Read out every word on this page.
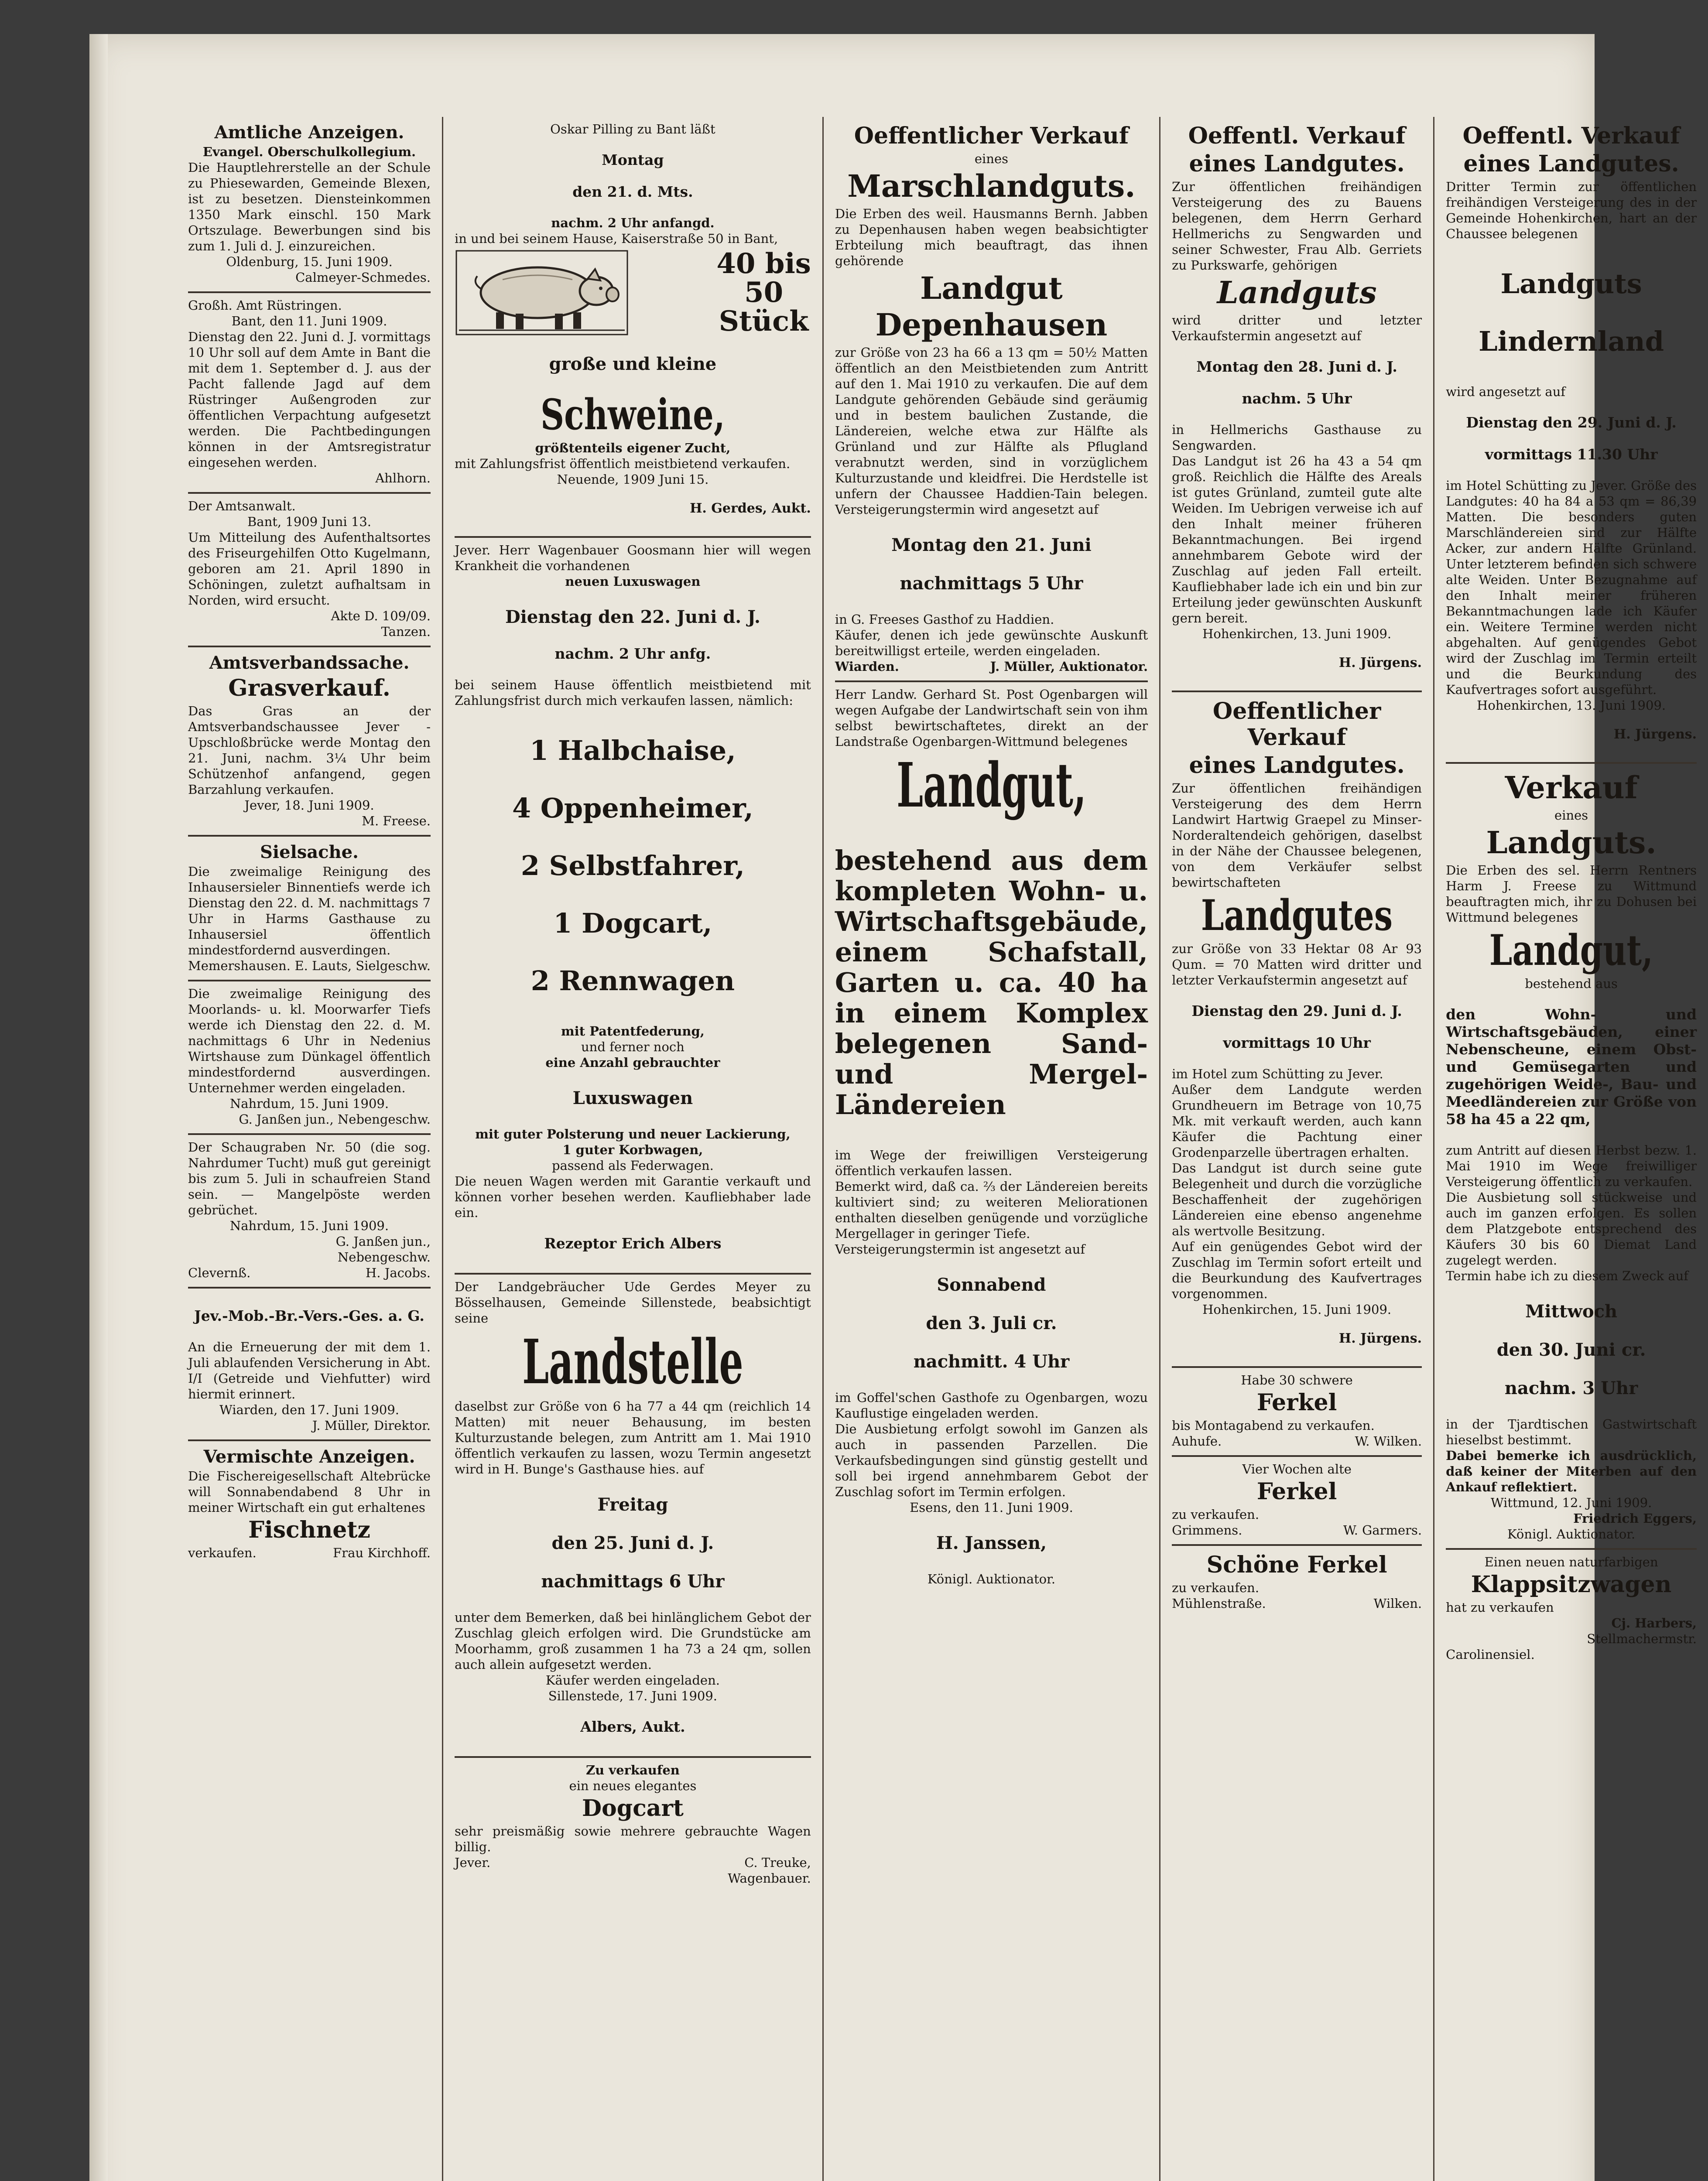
Amtliche Anzeigen.

Evangel. Oberschulkollegium.

Die Hauptlehrerstelle an der Schule zu Phiesewarden, Gemeinde Blexen, ist zu besetzen. Diensteinkommen 1350 Mark einschl. 150 Mark Ortszulage. Bewerbungen sind bis zum 1. Juli d. J. einzureichen.

Oldenburg, 15. Juni 1909.

Calmeyer-Schmedes.

Großh. Amt Rüstringen.

Bant, den 11. Juni 1909.

Dienstag den 22. Juni d. J. vormittags 10 Uhr soll auf dem Amte in Bant die mit dem 1. September d. J. aus der Pacht fallende Jagd auf dem Rüstringer Außengroden zur öffentlichen Verpachtung aufgesetzt werden. Die Pachtbedingungen können in der Amtsregistratur eingesehen werden.

Ahlhorn.

Der Amtsanwalt.

Bant, 1909 Juni 13.

Um Mitteilung des Aufenthaltsortes des Friseurgehilfen Otto Kugelmann, geboren am 21. April 1890 in Schöningen, zuletzt aufhaltsam in Norden, wird ersucht.

Akte D. 109/09.

Tanzen.

Amtsverbandssache.

Grasverkauf.

Das Gras an der Amtsverbandschaussee Jever - Upschloßbrücke werde Montag den 21. Juni, nachm. 3¼ Uhr beim Schützenhof anfangend, gegen Barzahlung verkaufen.

Jever, 18. Juni 1909.

M. Freese.

Sielsache.

Die zweimalige Reinigung des Inhausersieler Binnentiefs werde ich Dienstag den 22. d. M. nachmittags 7 Uhr in Harms Gasthause zu Inhausersiel öffentlich mindestfordernd ausverdingen.

Memershausen. E. Lauts, Sielgeschw.

Die zweimalige Reinigung des Moorlands- u. kl. Moorwarfer Tiefs werde ich Dienstag den 22. d. M. nachmittags 6 Uhr in Nedenius Wirtshause zum Dünkagel öffentlich mindestfordernd ausverdingen. Unternehmer werden eingeladen.

Nahrdum, 15. Juni 1909.

G. Janßen jun., Nebengeschw.

Der Schaugraben Nr. 50 (die sog. Nahrdumer Tucht) muß gut gereinigt bis zum 5. Juli in schaufreien Stand sein. — Mangelpöste werden gebrüchet.

Nahrdum, 15. Juni 1909.

G. Janßen jun.,

Nebengeschw.

Clevernß.	H. Jacobs.

Jev.-Mob.-Br.-Vers.-Ges. a. G.

An die Erneuerung der mit dem 1. Juli ablaufenden Versicherung in Abt. I/I (Getreide und Viehfutter) wird hiermit erinnert.

Wiarden, den 17. Juni 1909.

J. Müller, Direktor.

Vermischte Anzeigen.

Die Fischereigesellschaft Altebrücke will Sonnabendabend 8 Uhr in meiner Wirtschaft ein gut erhaltenes

Fischnetz

verkaufen.	Frau Kirchhoff.

Oskar Pilling zu Bant läßt

Montag

den 21. d. Mts.

nachm. 2 Uhr anfangd.

in und bei seinem Hause, Kaiserstraße 50 in Bant,

40 bis
50
Stück

große und kleine

Schweine,

größtenteils eigener Zucht,

mit Zahlungsfrist öffentlich meistbietend verkaufen.

Neuende, 1909 Juni 15.

H. Gerdes, Aukt.

Jever. Herr Wagenbauer Goosmann hier will wegen Krankheit die vorhandenen

neuen Luxuswagen

Dienstag den 22. Juni d. J.

nachm. 2 Uhr anfg.

bei seinem Hause öffentlich meistbietend mit Zahlungsfrist durch mich verkaufen lassen, nämlich:

1 Halbchaise,

4 Oppenheimer,

2 Selbstfahrer,

1 Dogcart,

2 Rennwagen

mit Patentfederung,

und ferner noch

eine Anzahl gebrauchter

Luxuswagen

mit guter Polsterung und neuer Lackierung,

1 guter Korbwagen,

passend als Federwagen.

Die neuen Wagen werden mit Garantie verkauft und können vorher besehen werden. Kaufliebhaber lade ein.

Rezeptor Erich Albers

Der Landgebräucher Ude Gerdes Meyer zu Bösselhausen, Gemeinde Sillenstede, beabsichtigt seine

Landstelle

daselbst zur Größe von 6 ha 77 a 44 qm (reichlich 14 Matten) mit neuer Behausung, im besten Kulturzustande belegen, zum Antritt am 1. Mai 1910 öffentlich verkaufen zu lassen, wozu Termin angesetzt wird in H. Bunge's Gasthause hies. auf

Freitag

den 25. Juni d. J.

nachmittags 6 Uhr

unter dem Bemerken, daß bei hinlänglichem Gebot der Zuschlag gleich erfolgen wird. Die Grundstücke am Moorhamm, groß zusammen 1 ha 73 a 24 qm, sollen auch allein aufgesetzt werden.

Käufer werden eingeladen.

Sillenstede, 17. Juni 1909.

Albers, Aukt.

Zu verkaufen

ein neues elegantes

Dogcart

sehr preismäßig sowie mehrere gebrauchte Wagen billig.

Jever.	C. Treuke,

Wagenbauer.

Oeffentlicher Verkauf

eines

Marschlandguts.

Die Erben des weil. Hausmanns Bernh. Jabben zu Depenhausen haben wegen beabsichtigter Erbteilung mich beauftragt, das ihnen gehörende

Landgut

Depenhausen

zur Größe von 23 ha 66 a 13 qm = 50½ Matten öffentlich an den Meistbietenden zum Antritt auf den 1. Mai 1910 zu verkaufen. Die auf dem Landgute gehörenden Gebäude sind geräumig und in bestem baulichen Zustande, die Ländereien, welche etwa zur Hälfte als Grünland und zur Hälfte als Pflugland verabnutzt werden, sind in vorzüglichem Kulturzustande und kleidfrei. Die Herdstelle ist unfern der Chaussee Haddien-Tain belegen. Versteigerungstermin wird angesetzt auf

Montag den 21. Juni

nachmittags 5 Uhr

in G. Freeses Gasthof zu Haddien.

Käufer, denen ich jede gewünschte Auskunft bereitwilligst erteile, werden eingeladen.

Wiarden.	J. Müller, Auktionator.

Herr Landw. Gerhard St. Post Ogenbargen will wegen Aufgabe der Landwirtschaft sein von ihm selbst bewirtschaftetes, direkt an der Landstraße Ogenbargen-Wittmund belegenes

Landgut,

bestehend aus dem kompleten Wohn- u. Wirtschaftsgebäude, einem Schafstall, Garten u. ca. 40 ha in einem Komplex belegenen Sand- und Mergel-Ländereien

im Wege der freiwilligen Versteigerung öffentlich verkaufen lassen.

Bemerkt wird, daß ca. ⅔ der Ländereien bereits kultiviert sind; zu weiteren Meliorationen enthalten dieselben genügende und vorzügliche Mergellager in geringer Tiefe.

Versteigerungstermin ist angesetzt auf

Sonnabend

den 3. Juli cr.

nachmitt. 4 Uhr

im Goffel'schen Gasthofe zu Ogenbargen, wozu Kauflustige eingeladen werden.

Die Ausbietung erfolgt sowohl im Ganzen als auch in passenden Parzellen. Die Verkaufsbedingungen sind günstig gestellt und soll bei irgend annehmbarem Gebot der Zuschlag sofort im Termin erfolgen.

Esens, den 11. Juni 1909.

H. Janssen,

Königl. Auktionator.

Oeffentl. Verkauf

eines Landgutes.

Zur öffentlichen freihändigen Versteigerung des zu Bauens belegenen, dem Herrn Gerhard Hellmerichs zu Sengwarden und seiner Schwester, Frau Alb. Gerriets zu Purkswarfe, gehörigen

Landguts

wird dritter und letzter Verkaufstermin angesetzt auf

Montag den 28. Juni d. J.

nachm. 5 Uhr

in Hellmerichs Gasthause zu Sengwarden.

Das Landgut ist 26 ha 43 a 54 qm groß. Reichlich die Hälfte des Areals ist gutes Grünland, zumteil gute alte Weiden. Im Uebrigen verweise ich auf den Inhalt meiner früheren Bekanntmachungen. Bei irgend annehmbarem Gebote wird der Zuschlag auf jeden Fall erteilt. Kaufliebhaber lade ich ein und bin zur Erteilung jeder gewünschten Auskunft gern bereit.

Hohenkirchen, 13. Juni 1909.

H. Jürgens.

Oeffentlicher Verkauf

eines Landgutes.

Zur öffentlichen freihändigen Versteigerung des dem Herrn Landwirt Hartwig Graepel zu Minser-Norderaltendeich gehörigen, daselbst in der Nähe der Chaussee belegenen, von dem Verkäufer selbst bewirtschafteten

Landgutes

zur Größe von 33 Hektar 08 Ar 93 Qum. = 70 Matten wird dritter und letzter Verkaufstermin angesetzt auf

Dienstag den 29. Juni d. J.

vormittags 10 Uhr

im Hotel zum Schütting zu Jever.

Außer dem Landgute werden Grundheuern im Betrage von 10,75 Mk. mit verkauft werden, auch kann Käufer die Pachtung einer Grodenparzelle übertragen erhalten.

Das Landgut ist durch seine gute Belegenheit und durch die vorzügliche Beschaffenheit der zugehörigen Ländereien eine ebenso angenehme als wertvolle Besitzung.

Auf ein genügendes Gebot wird der Zuschlag im Termin sofort erteilt und die Beurkundung des Kaufvertrages vorgenommen.

Hohenkirchen, 15. Juni 1909.

H. Jürgens.

Habe 30 schwere

Ferkel

bis Montagabend zu verkaufen.

Auhufe.	W. Wilken.

Vier Wochen alte

Ferkel

zu verkaufen.

Grimmens.	W. Garmers.

Schöne Ferkel

zu verkaufen.

Mühlenstraße.	Wilken.

Oeffentl. Verkauf

eines Landgutes.

Dritter Termin zur öffentlichen freihändigen Versteigerung des in der Gemeinde Hohenkirchen, hart an der Chaussee belegenen

Landguts

Lindernland

wird angesetzt auf

Dienstag den 29. Juni d. J.

vormittags 11.30 Uhr

im Hotel Schütting zu Jever. Größe des Landgutes: 40 ha 84 a 53 qm = 86,39 Matten. Die besonders guten Marschländereien sind zur Hälfte Acker, zur andern Hälfte Grünland. Unter letzterem befinden sich schwere alte Weiden. Unter Bezugnahme auf den Inhalt meiner früheren Bekanntmachungen lade ich Käufer ein. Weitere Termine werden nicht abgehalten. Auf genügendes Gebot wird der Zuschlag im Termin erteilt und die Beurkundung des Kaufvertrages sofort ausgeführt.

Hohenkirchen, 13. Juni 1909.

H. Jürgens.

Verkauf

eines

Landguts.

Die Erben des sel. Herrn Rentners Harm J. Freese zu Wittmund beauftragten mich, ihr zu Dohusen bei Wittmund belegenes

Landgut,

bestehend aus

den Wohn- und Wirtschaftsgebäuden, einer Nebenscheune, einem Obst- und Gemüsegarten und zugehörigen Weide-, Bau- und Meedländereien zur Größe von 58 ha 45 a 22 qm,

zum Antritt auf diesen Herbst bezw. 1. Mai 1910 im Wege freiwilliger Versteigerung öffentlich zu verkaufen.

Die Ausbietung soll stückweise und auch im ganzen erfolgen. Es sollen dem Platzgebote entsprechend des Käufers 30 bis 60 Diemat Land zugelegt werden.

Termin habe ich zu diesem Zweck auf

Mittwoch

den 30. Juni cr.

nachm. 3 Uhr

in der Tjardtischen Gastwirtschaft hieselbst bestimmt.

Dabei bemerke ich ausdrücklich, daß keiner der Miterben auf den Ankauf reflektiert.

Wittmund, 12. Juni 1909.

Friedrich Eggers,

Königl. Auktionator.

Einen neuen naturfarbigen

Klappsitzwagen

hat zu verkaufen

Cj. Harbers,

Stellmachermstr.

Carolinensiel.
